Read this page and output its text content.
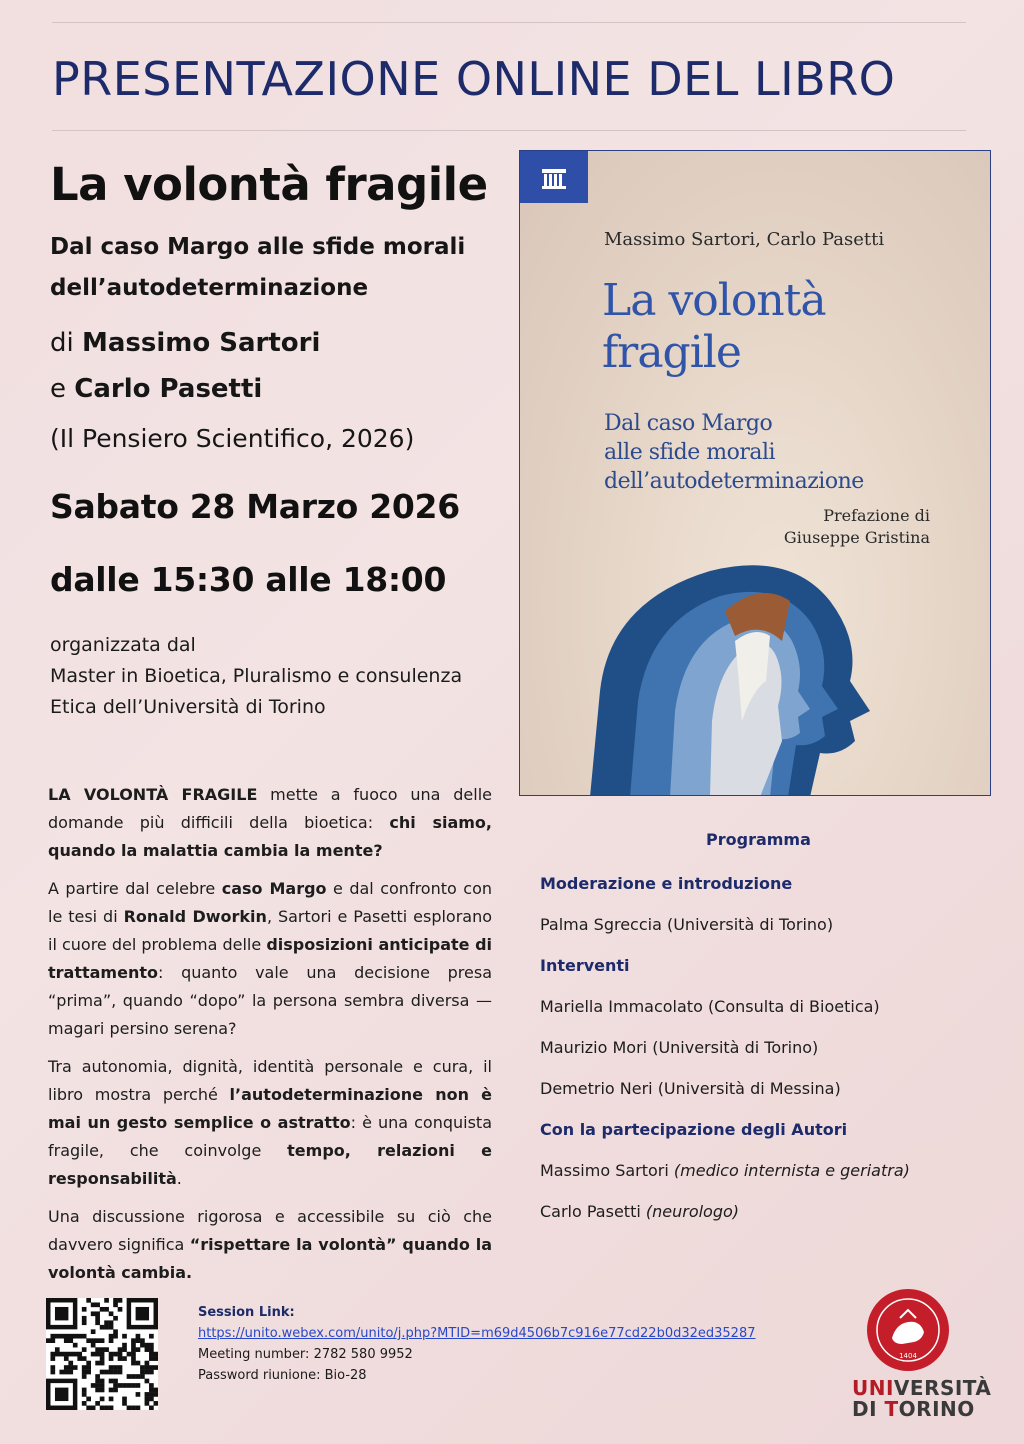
PRESENTAZIONE ONLINE DEL LIBRO
La volontà fragile
Dal caso Margo alle sfide morali dell’autodeterminazione
di Massimo Sartori
e Carlo Pasetti
(Il Pensiero Scientifico, 2026)
Sabato 28 Marzo 2026
dalle 15:30 alle 18:00
organizzata dal
Master in Bioetica, Pluralismo e consulenza
Etica dell’Università di Torino

LA VOLONTÀ FRAGILE mette a fuoco una delle domande più difficili della bioetica: chi siamo, quando la malattia cambia la mente?

A partire dal celebre caso Margo e dal confronto con le tesi di Ronald Dworkin, Sartori e Pasetti esplorano il cuore del problema delle disposizioni anticipate di trattamento: quanto vale una decisione presa “prima”, quando “dopo” la persona sembra diversa — magari persino serena?

Tra autonomia, dignità, identità personale e cura, il libro mostra perché l’autodeterminazione non è mai un gesto semplice o astratto: è una conquista fragile, che coinvolge tempo, relazioni e responsabilità.

Una discussione rigorosa e accessibile su ciò che davvero significa “rispettare la volontà” quando la volontà cambia.

Massimo Sartori, Carlo Pasetti
La volontà
fragile
Dal caso Margo
alle sfide morali
dell’autodeterminazione
Prefazione di
Giuseppe Gristina
Programma
Moderazione e introduzione
Palma Sgreccia (Università di Torino)
Interventi
Mariella Immacolato (Consulta di Bioetica)
Maurizio Mori (Università di Torino)
Demetrio Neri (Università di Messina)
Con la partecipazione degli Autori
Massimo Sartori (medico internista e geriatra)
Carlo Pasetti (neurologo)
Session Link:
https://unito.webex.com/unito/j.php?MTID=m69d4506b7c916e77cd22b0d32ed35287
Meeting number: 2782 580 9952
Password riunione: Bio-28
1404
UNIVERSITÀ
DI TORINO
